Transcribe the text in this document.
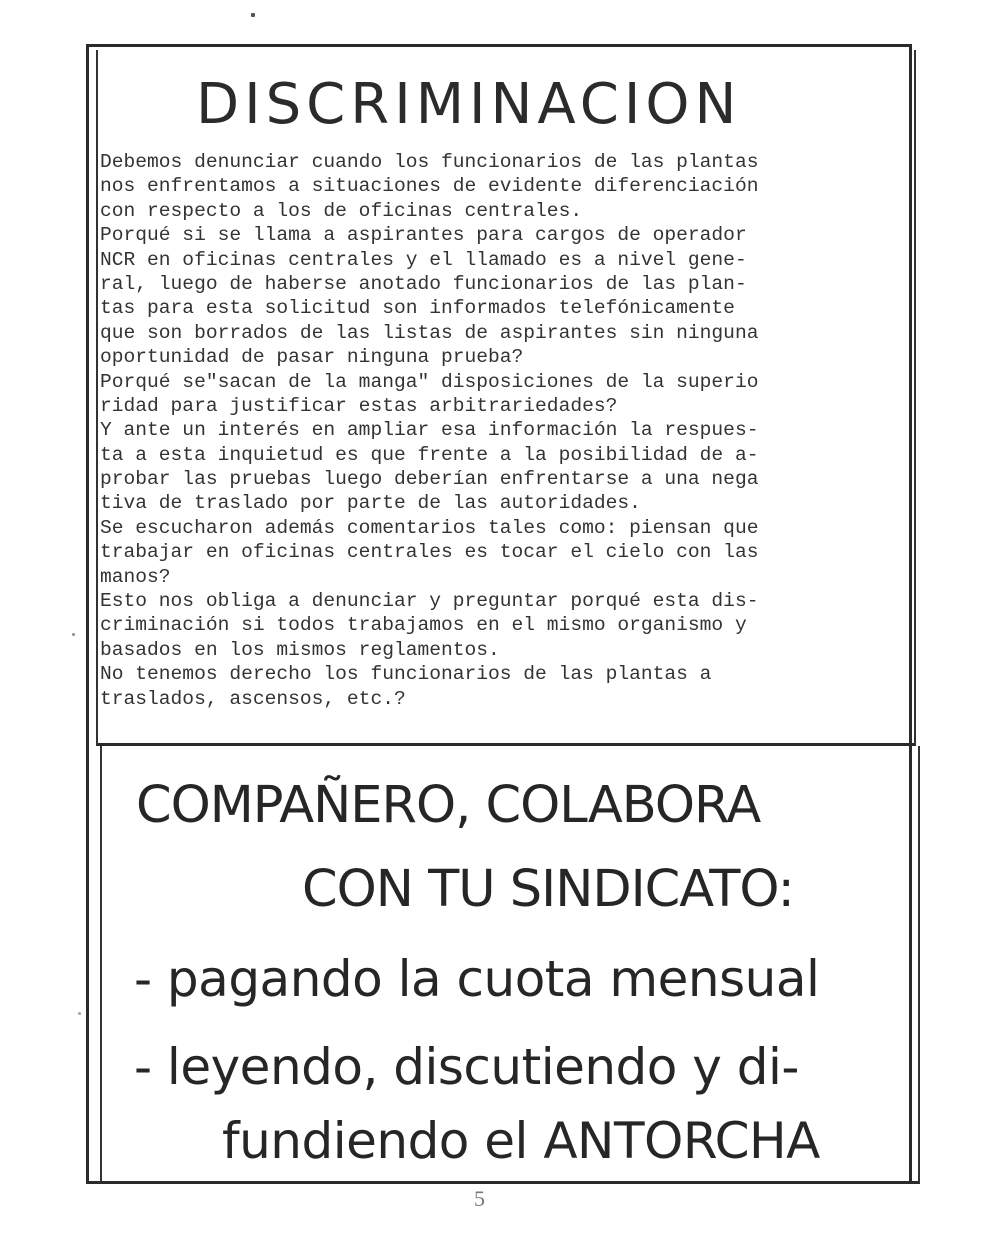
DISCRIMINACION
Debemos denunciar cuando los funcionarios de las plantas
nos enfrentamos a situaciones de evidente diferenciación
con respecto a los de oficinas centrales.
Porqué si se llama a aspirantes para cargos de operador
NCR en oficinas centrales y el llamado es a nivel gene-
ral, luego de haberse anotado funcionarios de las plan-
tas para esta solicitud son informados telefónicamente
que son borrados de las listas de aspirantes sin ninguna
oportunidad de pasar ninguna prueba?
Porqué se"sacan de la manga" disposiciones de la superio
ridad para justificar estas arbitrariedades?
Y ante un interés en ampliar esa información la respues-
ta a esta inquietud es que frente a la posibilidad de a-
probar las pruebas luego deberían enfrentarse a una nega
tiva de traslado por parte de las autoridades.
Se escucharon además comentarios tales como: piensan que
trabajar en oficinas centrales es tocar el cielo con las
manos?
Esto nos obliga a denunciar y preguntar porqué esta dis-
criminación si todos trabajamos en el mismo organismo y
basados en los mismos reglamentos.
No tenemos derecho los funcionarios de las plantas a
traslados, ascensos, etc.?
COMPAÑERO, COLABORA
CON TU SINDICATO:
- pagando la cuota mensual
- leyendo, discutiendo y di-
fundiendo el ANTORCHA
5
